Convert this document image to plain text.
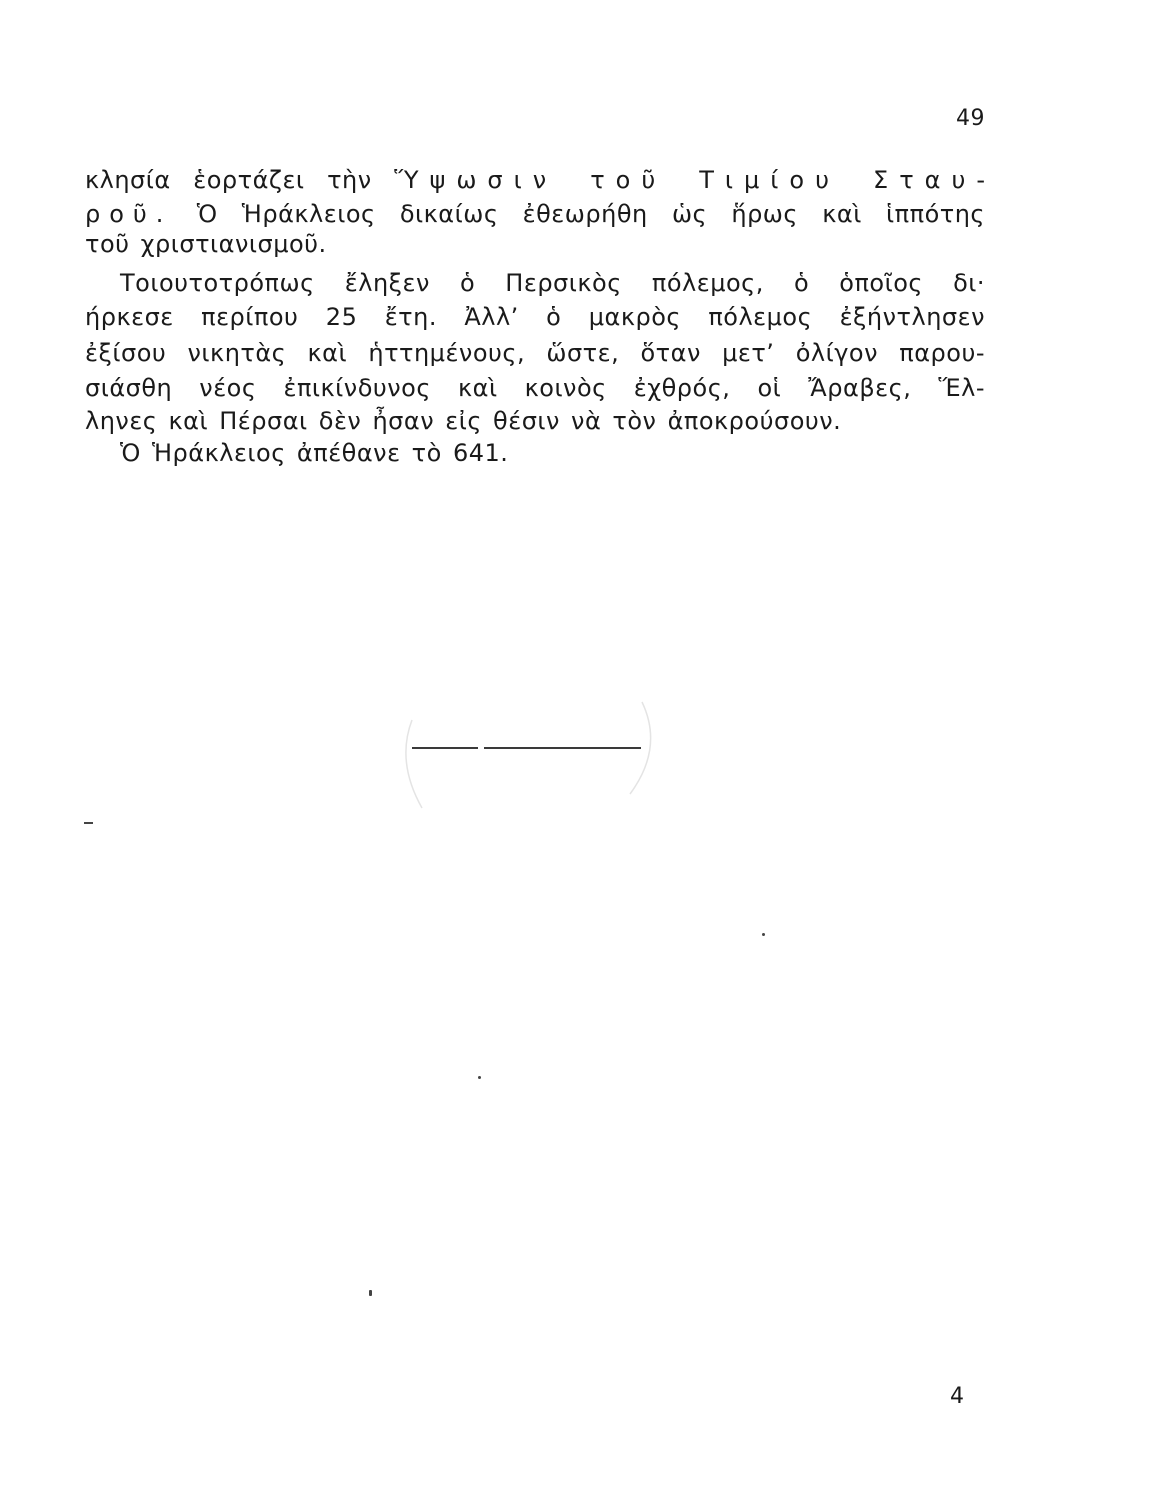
49
κλησία ἑορτάζει τὴν Ὕψωσιν τοῦ Τιμίου Σταυ-
ροῦ. Ὁ Ἡράκλειος δικαίως ἐθεωρήθη ὡς ἥρως καὶ ἱππότης
τοῦ χριστιανισμοῦ.
Τοιουτοτρόπως ἔληξεν ὁ Περσικὸς πόλεμος, ὁ ὁποῖος δι·
ήρκεσε περίπου 25 ἔτη. Ἀλλ’ ὁ μακρὸς πόλεμος ἐξήντλησεν
ἐξίσου νικητὰς καὶ ἡττημένους, ὥστε, ὅταν μετ’ ὀλίγον παρου-
σιάσθη νέος ἐπικίνδυνος καὶ κοινὸς ἐχθρός, οἱ Ἄραβες, Ἕλ-
ληνες καὶ Πέρσαι δὲν ἦσαν εἰς θέσιν νὰ τὸν ἀποκρούσουν.
Ὁ Ἡράκλειος ἀπέθανε τὸ 641.
4
